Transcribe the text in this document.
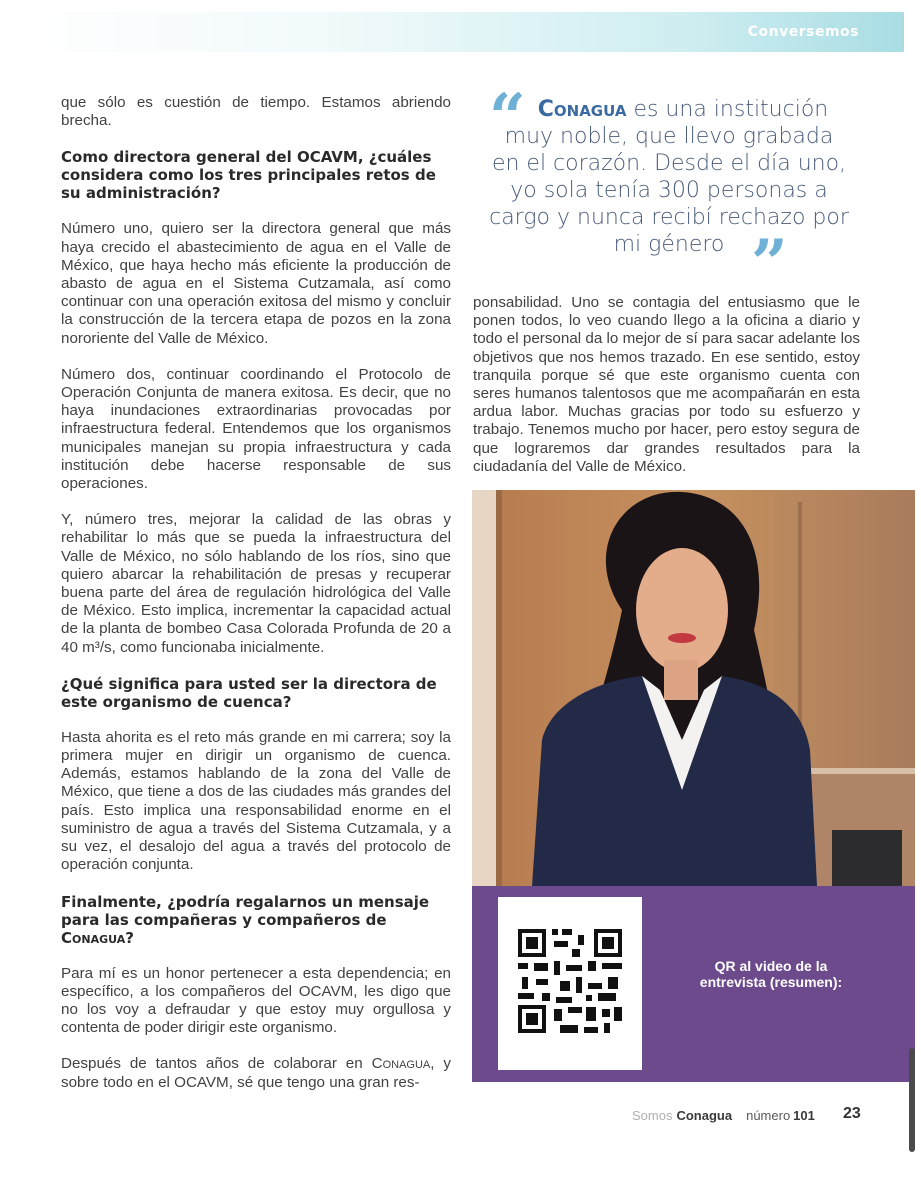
Conversemos

que sólo es cuestión de tiempo. Estamos abriendo brecha.

Como directora general del OCAVM, ¿cuáles considera como los tres principales retos de su administración?

Número uno, quiero ser la directora general que más haya crecido el abastecimiento de agua en el Valle de México, que haya hecho más eficiente la producción de abasto de agua en el Sistema Cutzamala, así como continuar con una operación exitosa del mismo y concluir la construcción de la tercera etapa de pozos en la zona nororiente del Valle de México.

Número dos, continuar coordinando el Protocolo de Operación Conjunta de manera exitosa. Es decir, que no haya inundaciones extraordinarias provocadas por infraestructura federal. Entendemos que los organismos municipales manejan su propia infraestructura y cada institución debe hacerse responsable de sus operaciones.

Y, número tres, mejorar la calidad de las obras y rehabilitar lo más que se pueda la infraestructura del Valle de México, no sólo hablando de los ríos, sino que quiero abarcar la rehabilitación de presas y recuperar buena parte del área de regulación hidrológica del Valle de México. Esto implica, incrementar la capacidad actual de la planta de bombeo Casa Colorada Profunda de 20 a 40 m³/s, como funcionaba inicialmente.

¿Qué significa para usted ser la directora de este organismo de cuenca?

Hasta ahorita es el reto más grande en mi carrera; soy la primera mujer en dirigir un organismo de cuenca. Además, estamos hablando de la zona del Valle de México, que tiene a dos de las ciudades más grandes del país. Esto implica una responsabilidad enorme en el suministro de agua a través del Sistema Cutzamala, y a su vez, el desalojo del agua a través del protocolo de operación conjunta.

Finalmente, ¿podría regalarnos un mensaje para las compañeras y compañeros de Conagua?

Para mí es un honor pertenecer a esta dependencia; en específico, a los compañeros del OCAVM, les digo que no los voy a defraudar y que estoy muy orgullosa y contenta de poder dirigir este organismo.

Después de tantos años de colaborar en Conagua, y sobre todo en el OCAVM, sé que tengo una gran res-

“ Conagua es una institución muy noble, que llevo grabada en el corazón. Desde el día uno, yo sola tenía 300 personas a cargo y nunca recibí rechazo por mi género ”

ponsabilidad. Uno se contagia del entusiasmo que le ponen todos, lo veo cuando llego a la oficina a diario y todo el personal da lo mejor de sí para sacar adelante los objetivos que nos hemos trazado. En ese sentido, estoy tranquila porque sé que este organismo cuenta con seres humanos talentosos que me acompañarán en esta ardua labor. Muchas gracias por todo su esfuerzo y trabajo. Tenemos mucho por hacer, pero estoy segura de que lograremos dar grandes resultados para la ciudadanía del Valle de México.

QR al video de la entrevista (resumen):
Somos Conagua número 101 23
